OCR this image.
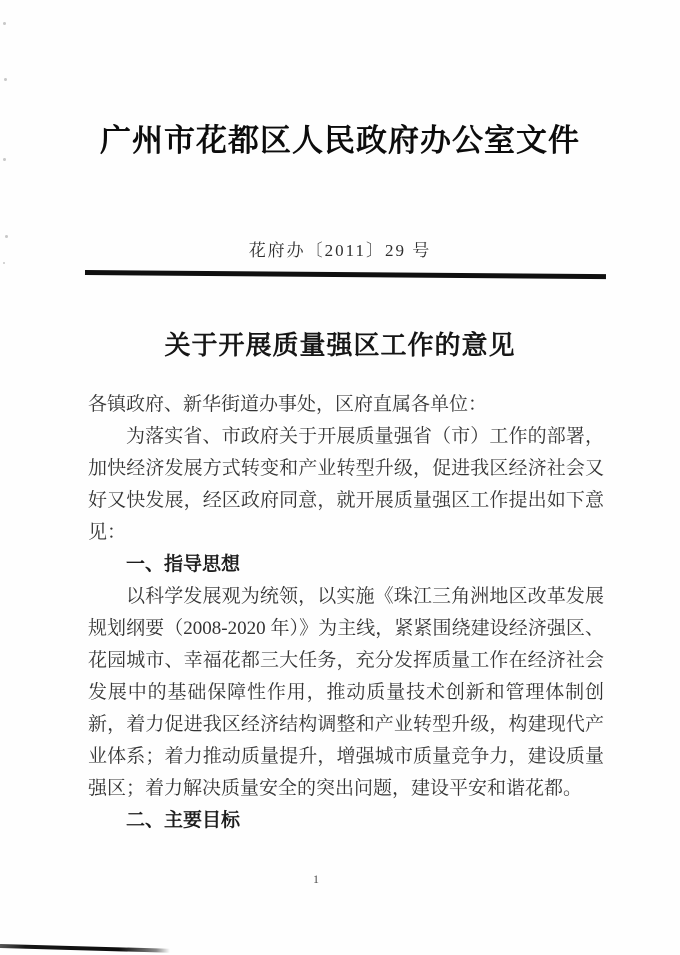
广州市花都区人民政府办公室文件
花府办〔2011〕29 号
关于开展质量强区工作的意见

各镇政府、新华街道办事处，区府直属各单位：

为落实省、市政府关于开展质量强省（市）工作的部署，加快经济发展方式转变和产业转型升级，促进我区经济社会又好又快发展，经区政府同意，就开展质量强区工作提出如下意见：

一、指导思想

以科学发展观为统领，以实施《珠江三角洲地区改革发展规划纲要（2008-2020 年）》为主线，紧紧围绕建设经济强区、花园城市、幸福花都三大任务，充分发挥质量工作在经济社会发展中的基础保障性作用，推动质量技术创新和管理体制创新，着力促进我区经济结构调整和产业转型升级，构建现代产业体系；着力推动质量提升，增强城市质量竞争力，建设质量强区；着力解决质量安全的突出问题，建设平安和谐花都。

二、主要目标

1
